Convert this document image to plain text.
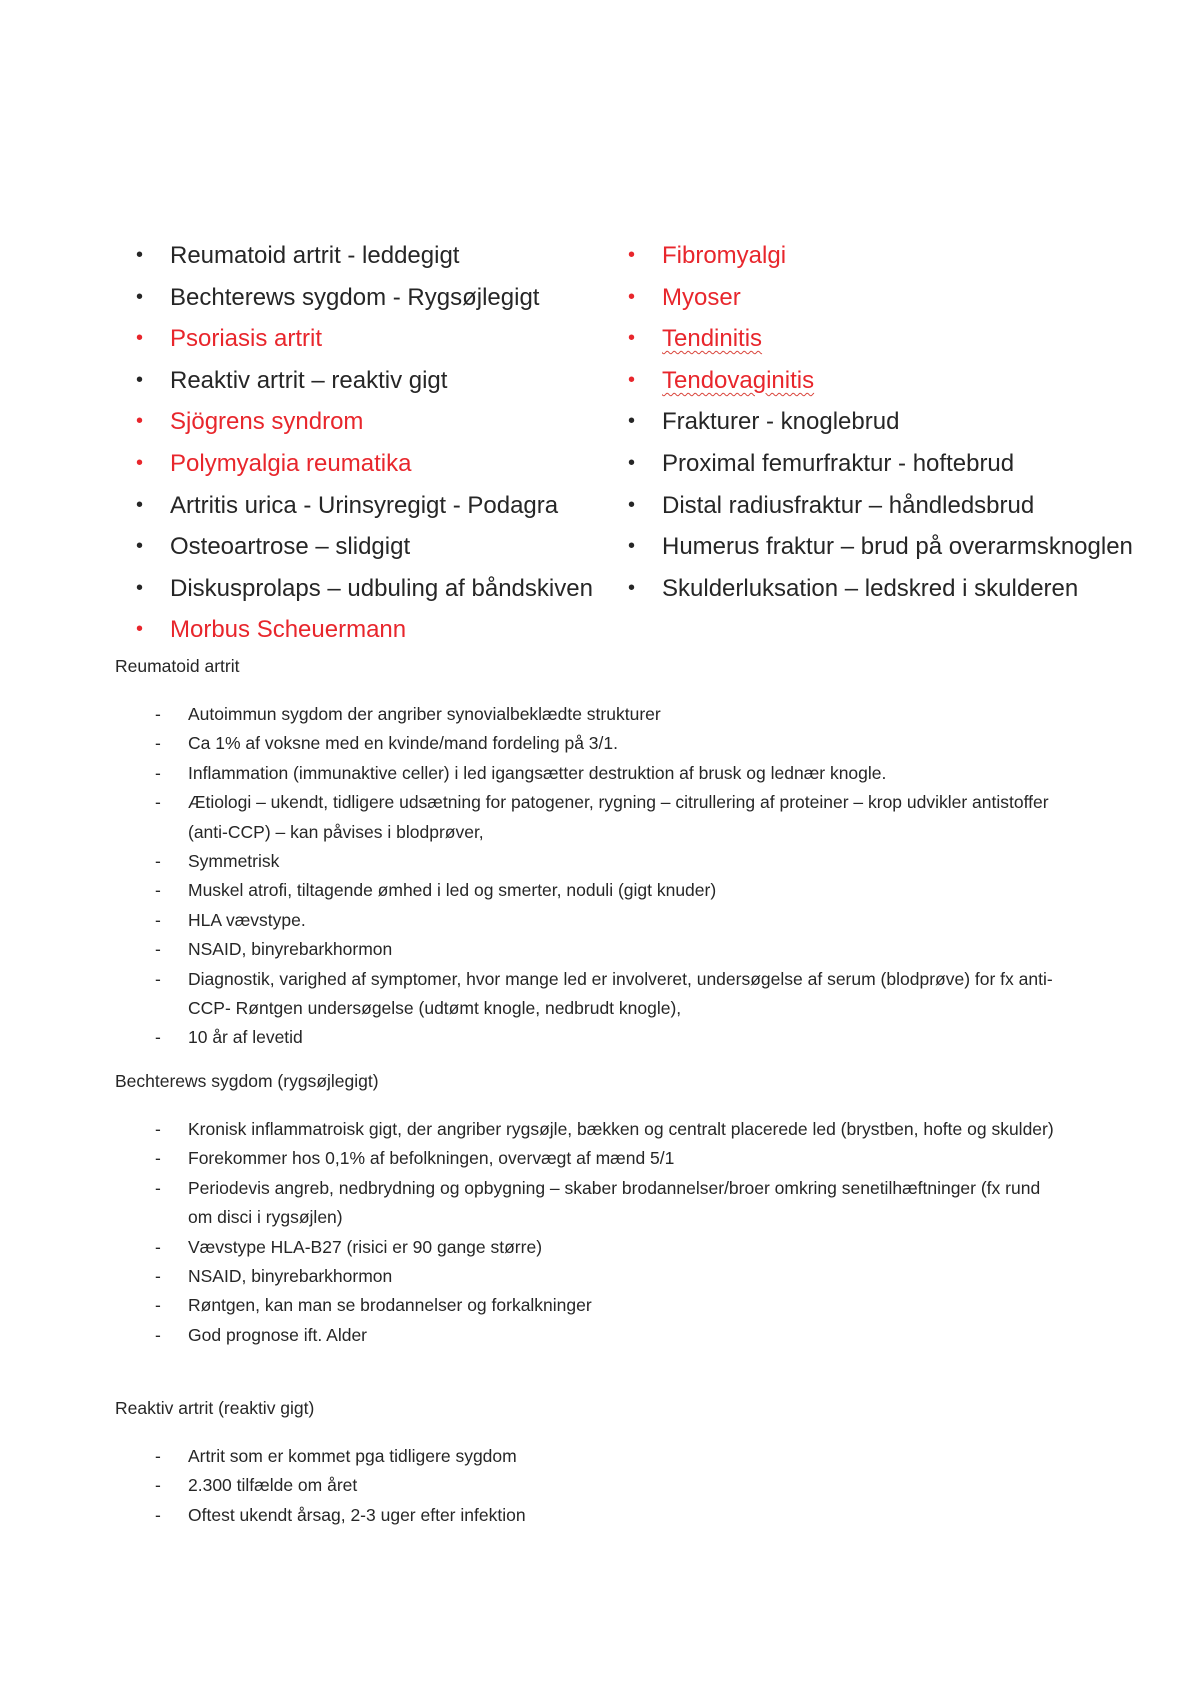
• Reumatoid artrit - leddegigt
• Bechterews sygdom - Rygsøjlegigt
• Psoriasis artrit
• Reaktiv artrit – reaktiv gigt
• Sjögrens syndrom
• Polymyalgia reumatika
• Artritis urica - Urinsyregigt - Podagra
• Osteoartrose – slidgigt
• Diskusprolaps – udbuling af båndskiven
• Morbus Scheuermann
• Fibromyalgi
• Myoser
• Tendinitis
• Tendovaginitis
• Frakturer - knoglebrud
• Proximal femurfraktur - hoftebrud
• Distal radiusfraktur – håndledsbrud
• Humerus fraktur – brud på overarmsknoglen
• Skulderluksation – ledskred i skulderen
Reumatoid artrit
- Autoimmun sygdom der angriber synovialbeklædte strukturer
- Ca 1% af voksne med en kvinde/mand fordeling på 3/1.
- Inflammation (immunaktive celler) i led igangsætter destruktion af brusk og lednær knogle.
- Ætiologi – ukendt, tidligere udsætning for patogener, rygning – citrullering af proteiner – krop udvikler antistoffer (anti-CCP) – kan påvises i blodprøver,
- Symmetrisk
- Muskel atrofi, tiltagende ømhed i led og smerter, noduli (gigt knuder)
- HLA vævstype.
- NSAID, binyrebarkhormon
- Diagnostik, varighed af symptomer, hvor mange led er involveret, undersøgelse af serum (blodprøve) for fx anti-CCP- Røntgen undersøgelse (udtømt knogle, nedbrudt knogle),
- 10 år af levetid
Bechterews sygdom (rygsøjlegigt)
- Kronisk inflammatroisk gigt, der angriber rygsøjle, bækken og centralt placerede led (brystben, hofte og skulder)
- Forekommer hos 0,1% af befolkningen, overvægt af mænd 5/1
- Periodevis angreb, nedbrydning og opbygning – skaber brodannelser/broer omkring senetilhæftninger (fx rund om disci i rygsøjlen)
- Vævstype HLA-B27 (risici er 90 gange større)
- NSAID, binyrebarkhormon
- Røntgen, kan man se brodannelser og forkalkninger
- God prognose ift. Alder
Reaktiv artrit (reaktiv gigt)
- Artrit som er kommet pga tidligere sygdom
- 2.300 tilfælde om året
- Oftest ukendt årsag, 2-3 uger efter infektion
